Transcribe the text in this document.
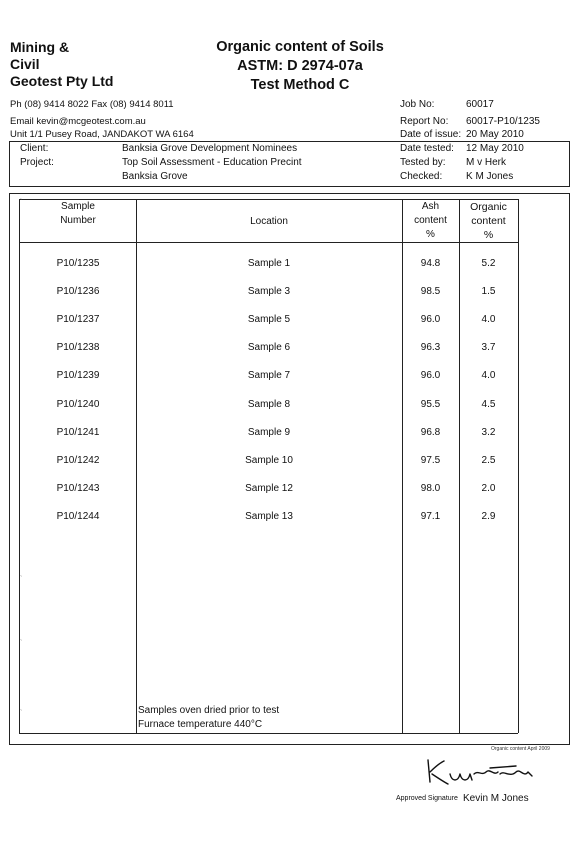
Mining &
Civil
Geotest Pty Ltd
Organic content of Soils
ASTM: D 2974-07a
Test Method C
Ph (08) 9414 8022 Fax (08) 9414 8011
Email kevin@mcgeotest.com.au
Unit 1/1 Pusey Road, JANDAKOT WA 6164
Job No:	60017
Report No: 60017-P10/1235
Date of issue: 20 May 2010
Client:	Banksia Grove Development Nominees
Project:	Top Soil Assessment - Education Precint
Banksia Grove
Date tested: 12 May 2010
Tested by: M v Herk
Checked: K M Jones
`
`
`
`
Sample
Number	Location
Ash
content
%
Organic
content
%
P10/1235	Sample 1	94.8	5.2
P10/1236	Sample 3	98.5	1.5
P10/1237	Sample 5	96.0	4.0
P10/1238	Sample 6	96.3	3.7
P10/1239	Sample 7	96.0	4.0
P10/1240	Sample 8	95.5	4.5
P10/1241	Sample 9	96.8	3.2
P10/1242	Sample 10	97.5	2.5
P10/1243	Sample 12	98.0	2.0
P10/1244	Sample 13	97.1	2.9
Samples oven dried prior to test
Furnace temperature 440°C
Organic content April 2009
Approved Signature Kevin M Jones
